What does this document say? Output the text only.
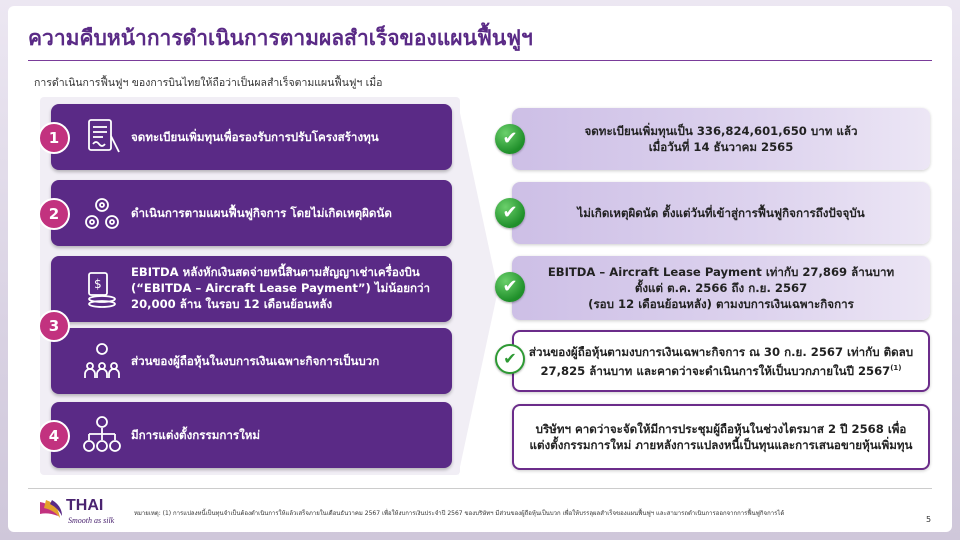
ความคืบหน้าการดำเนินการตามผลสำเร็จของแผนฟื้นฟูฯ
การดำเนินการฟื้นฟูฯ ของการบินไทยให้ถือว่าเป็นผลสำเร็จตามแผนฟื้นฟูฯ เมื่อ
จดทะเบียนเพิ่มทุนเพื่อรองรับการปรับโครงสร้างทุน
1
ดำเนินการตามแผนฟื้นฟูกิจการ โดยไม่เกิดเหตุผิดนัด
2
$
EBITDA หลังหักเงินสดจ่ายหนี้สินตามสัญญาเช่าเครื่องบิน (“EBITDA – Aircraft Lease Payment”) ไม่น้อยกว่า 20,000 ล้าน ในรอบ 12 เดือนย้อนหลัง
ส่วนของผู้ถือหุ้นในงบการเงินเฉพาะกิจการเป็นบวก
3
มีการแต่งตั้งกรรมการใหม่
4
จดทะเบียนเพิ่มทุนเป็น 336,824,601,650 บาท แล้ว
เมื่อวันที่ 14 ธันวาคม 2565
✔
ไม่เกิดเหตุผิดนัด ตั้งแต่วันที่เข้าสู่การฟื้นฟูกิจการถึงปัจจุบัน
✔
EBITDA – Aircraft Lease Payment เท่ากับ 27,869 ล้านบาท
ตั้งแต่ ต.ค. 2566 ถึง ก.ย. 2567
(รอบ 12 เดือนย้อนหลัง) ตามงบการเงินเฉพาะกิจการ
✔
ส่วนของผู้ถือหุ้นตามงบการเงินเฉพาะกิจการ ณ 30 ก.ย. 2567 เท่ากับ ติดลบ 27,825 ล้านบาท และคาดว่าจะดำเนินการให้เป็นบวกภายในปี 2567$^{(1)}$
✔
บริษัทฯ คาดว่าจะจัดให้มีการประชุมผู้ถือหุ้นในช่วงไตรมาส 2 ปี 2568 เพื่อแต่งตั้งกรรมการใหม่ ภายหลังการแปลงหนี้เป็นทุนและการเสนอขายหุ้นเพิ่มทุน
THAI
Smooth as silk
หมายเหตุ: (1) การแปลงหนี้เป็นทุนจำเป็นต้องดำเนินการให้แล้วเสร็จภายในเดือนธันวาคม 2567 เพื่อให้งบการเงินประจำปี 2567 ของบริษัทฯ มีส่วนของผู้ถือหุ้นเป็นบวก เพื่อให้บรรลุผลสำเร็จของแผนฟื้นฟูฯ และสามารถดำเนินการออกจากการฟื้นฟูกิจการได้
5
